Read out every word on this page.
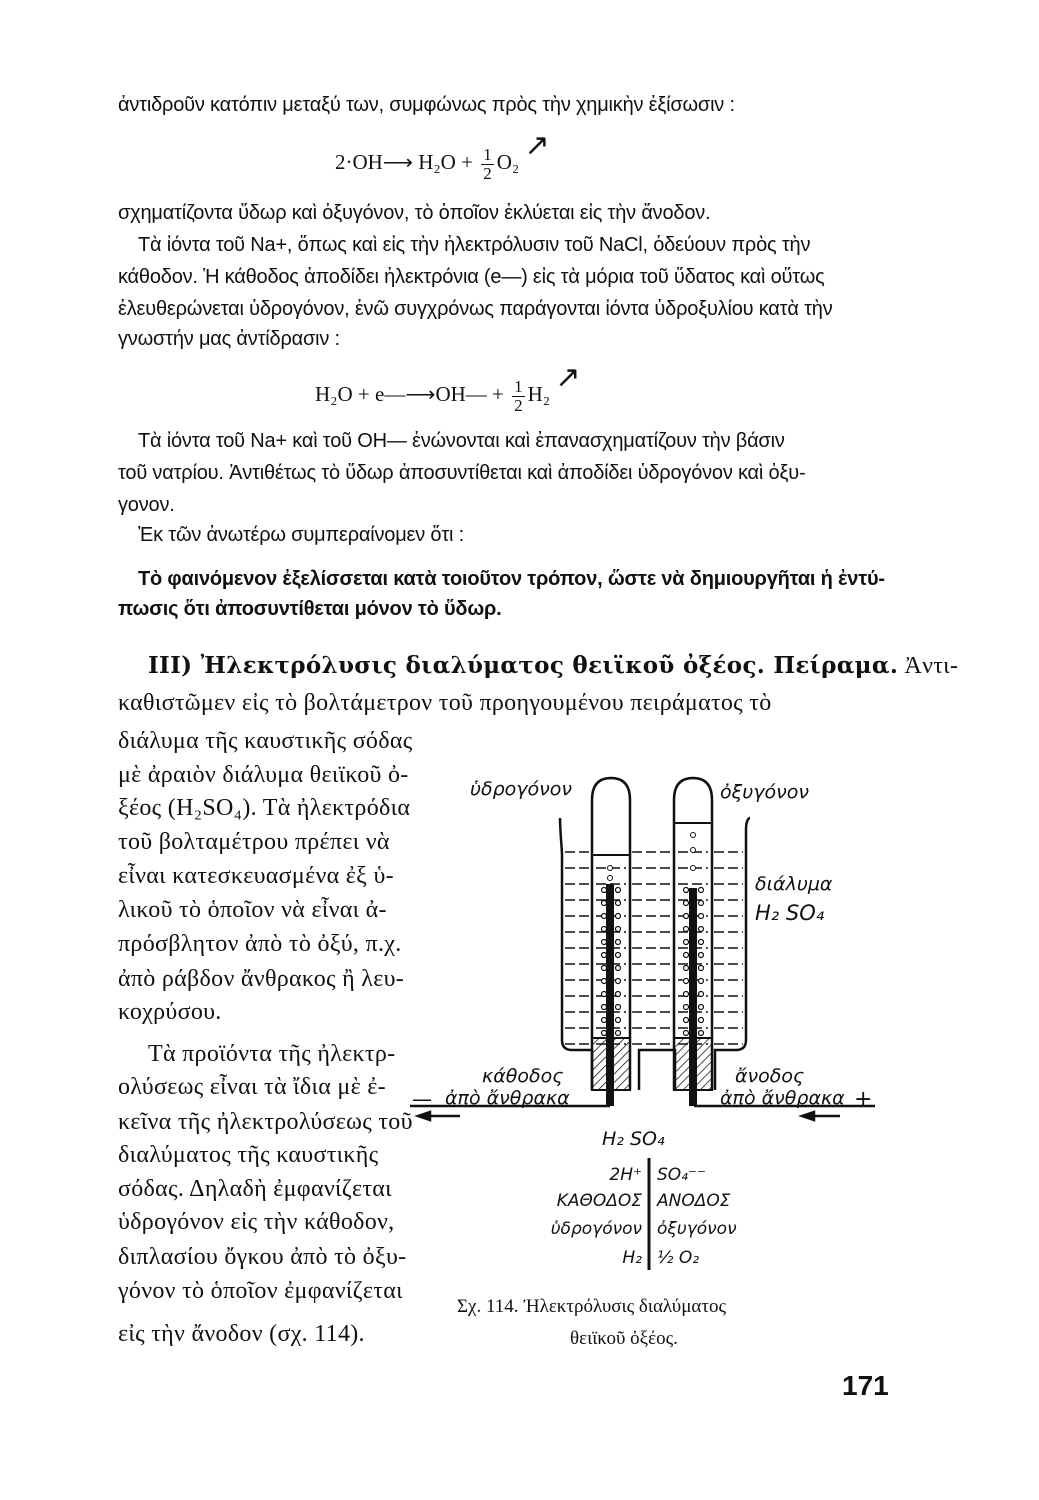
ἀντιδροῦν κατόπιν μεταξύ των, συμφώνως πρὸς τὴν χημικὴν ἐξίσωσιν :
2·OH⟶ $H_2O + \frac{1}{2} O_2$ ↗
σχηματίζοντα ὕδωρ καὶ ὀξυγόνον, τὸ ὁποῖον ἐκλύεται εἰς τὴν ἄνοδον.
Τὰ ἰόντα τοῦ Na+, ὅπως καὶ εἰς τὴν ἠλεκτρόλυσιν τοῦ NaCl, ὁδεύουν πρὸς τὴν
κάθοδον. Ἡ κάθοδος ἀποδίδει ἠλεκτρόνια (e—) εἰς τὰ μόρια τοῦ ὕδατος καὶ οὕτως
ἐλευθερώνεται ὑδρογόνον, ἐνῶ συγχρόνως παράγονται ἰόντα ὑδροξυλίου κατὰ τὴν
γνωστήν μας ἀντίδρασιν :
H₂O + e—⟶OH— + $\frac{1}{2} H_2$ ↗
Τὰ ἰόντα τοῦ Na+ καὶ τοῦ OH— ἑνώνονται καὶ ἐπανασχηματίζουν τὴν βάσιν
τοῦ νατρίου. Ἀντιθέτως τὸ ὕδωρ ἀποσυντίθεται καὶ ἀποδίδει ὑδρογόνον καὶ ὀξυ-
γονον.
Ἐκ τῶν ἀνωτέρω συμπεραίνομεν ὅτι :
Τὸ φαινόμενον ἐξελίσσεται κατὰ τοιοῦτον τρόπον, ὥστε νὰ δημιουργῆται ἡ ἐντύ-
πωσις ὅτι ἀποσυντίθεται μόνον τὸ ὕδωρ.
III) Ἠλεκτρόλυσις διαλύματος θειϊκοῦ ὀξέος. Πείραμα. Ἀντι-
καθιστῶμεν εἰς τὸ βολτάμετρον τοῦ προηγουμένου πειράματος τὸ
διάλυμα τῆς καυστικῆς σόδας
μὲ ἀραιὸν διάλυμα θειϊκοῦ ὀ-
ξέος (H₂SO₄). Τὰ ἠλεκτρόδια
τοῦ βολταμέτρου πρέπει νὰ
εἶναι κατεσκευασμένα ἐξ ὑ-
λικοῦ τὸ ὁποῖον νὰ εἶναι ἀ-
πρόσβλητον ἀπὸ τὸ ὀξύ, π.χ.
ἀπὸ ράβδον ἄνθρακος ἢ λευ-
κοχρύσου.
Τὰ προϊόντα τῆς ἠλεκτρ-
ολύσεως εἶναι τὰ ἴδια μὲ ἐ-
κεῖνα τῆς ἠλεκτρολύσεως τοῦ
διαλύματος τῆς καυστικῆς
σόδας. Δηλαδὴ ἐμφανίζεται
ὑδρογόνον εἰς τὴν κάθοδον,
διπλασίου ὄγκου ἀπὸ τὸ ὀξυ-
γόνον τὸ ὁποῖον ἐμφανίζεται
εἰς τὴν ἄνοδον (σχ. 114).
ὑδρογόνον	ὀξυγόνον
διάλυμα
H₂ SO₄
κάθοδος
ἀπὸ ἄνθρακα
ἄνοδος
ἀπὸ ἄνθρακα
—	+
H₂ SO₄
2H⁺
ΚΑΘΟΔΟΣ
ὑδρογόνον
H₂
SO₄⁻⁻
ΑΝΟΔΟΣ
ὀξυγόνον
½ O₂
Σχ. 114. Ἠλεκτρόλυσις διαλύματος
θειϊκοῦ ὀξέος.
171
